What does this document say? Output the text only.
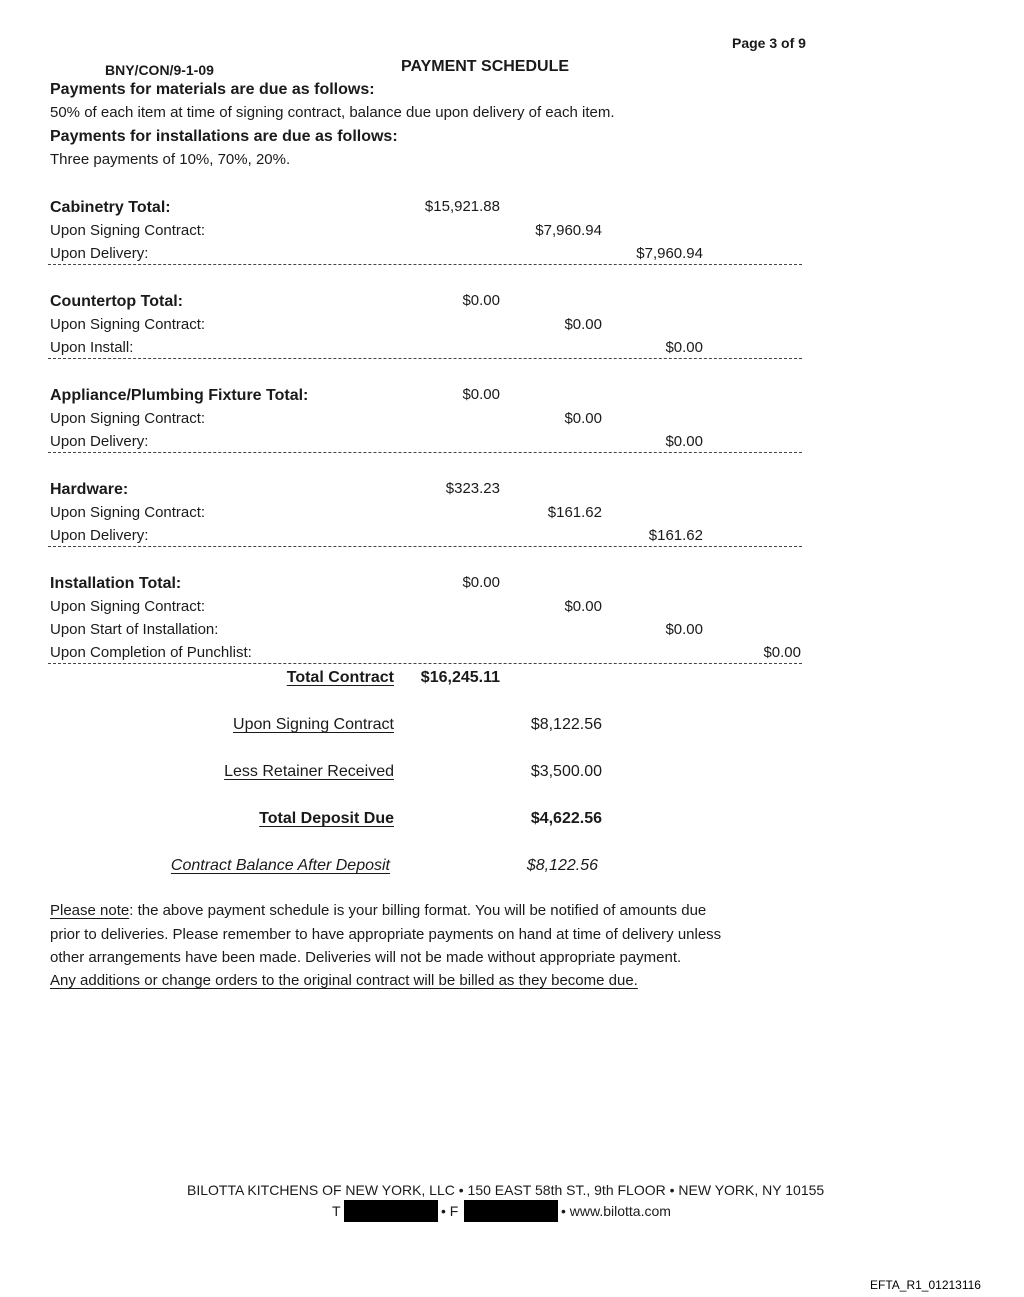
Page 3 of 9
BNY/CON/9-1-09	PAYMENT SCHEDULE
Payments for materials are due as follows:
50% of each item at time of signing contract, balance due upon delivery of each item.
Payments for installations are due as follows:
Three payments of 10%, 70%, 20%.
Cabinetry Total:	$15,921.88
Upon Signing Contract:	$7,960.94
Upon Delivery:	$7,960.94
Countertop Total:	$0.00
Upon Signing Contract:	$0.00
Upon Install:	$0.00
Appliance/Plumbing Fixture Total:	$0.00
Upon Signing Contract:	$0.00
Upon Delivery:	$0.00
Hardware:	$323.23
Upon Signing Contract:	$161.62
Upon Delivery:	$161.62
Installation Total:	$0.00
Upon Signing Contract:	$0.00
Upon Start of Installation:	$0.00
Upon Completion of Punchlist:	$0.00
Total Contract $16,245.11
Upon Signing Contract	$8,122.56
Less Retainer Received	$3,500.00
Total Deposit Due	$4,622.56
Contract Balance After Deposit	$8,122.56
Please note: the above payment schedule is your billing format. You will be notified of amounts due
prior to deliveries. Please remember to have appropriate payments on hand at time of delivery unless
other arrangements have been made. Deliveries will not be made without appropriate payment.
Any additions or change orders to the original contract will be billed as they become due.
BILOTTA KITCHENS OF NEW YORK, LLC • 150 EAST 58th ST., 9th FLOOR • NEW YORK, NY 10155
T	• F	• www.bilotta.com
EFTA_R1_01213116
